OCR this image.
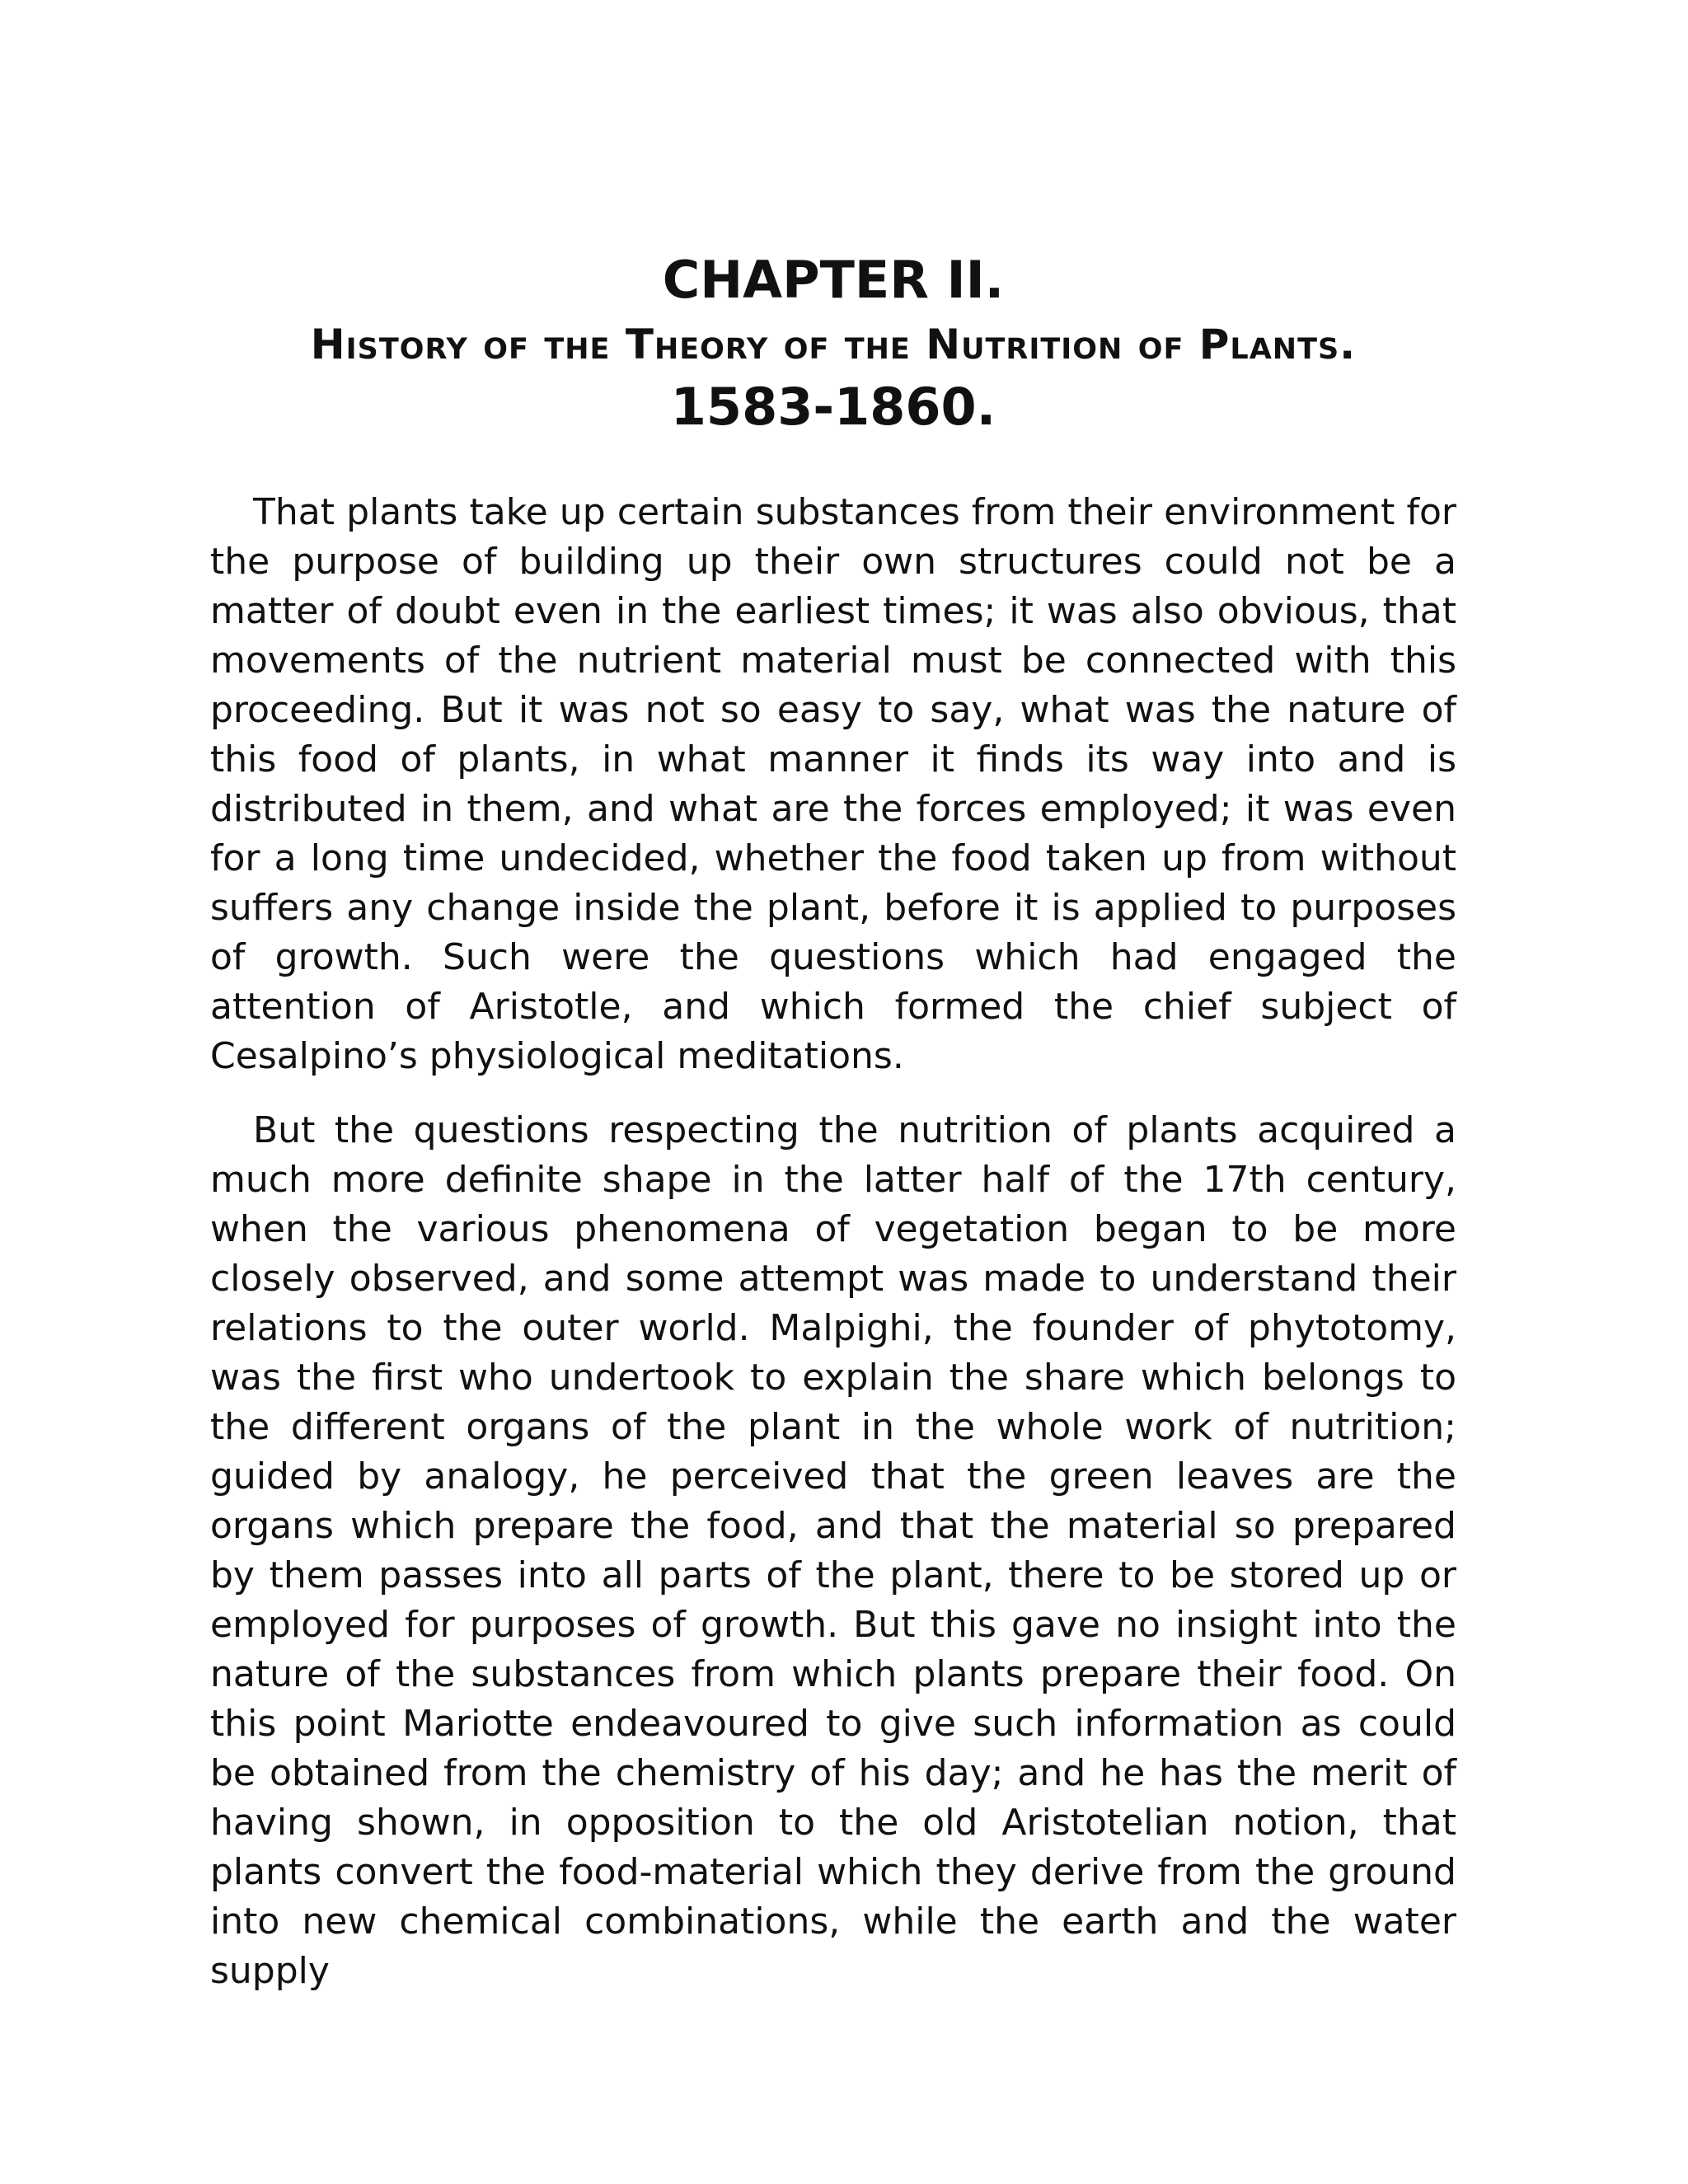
CHAPTER II.

History of the Theory of the Nutrition of Plants.

1583-1860.

That plants take up certain substances from their environment for the purpose of building up their own structures could not be a matter of doubt even in the earliest times; it was also obvious, that movements of the nutrient material must be connected with this proceeding. But it was not so easy to say, what was the nature of this food of plants, in what manner it finds its way into and is distributed in them, and what are the forces employed; it was even for a long time undecided, whether the food taken up from without suffers any change inside the plant, before it is applied to purposes of growth. Such were the questions which had engaged the attention of Aristotle, and which formed the chief subject of Cesalpino’s physiological meditations.

But the questions respecting the nutrition of plants acquired a much more definite shape in the latter half of the 17th century, when the various phenomena of vegetation began to be more closely observed, and some attempt was made to understand their relations to the outer world. Malpighi, the founder of phytotomy, was the first who undertook to explain the share which belongs to the different organs of the plant in the whole work of nutrition; guided by analogy, he perceived that the green leaves are the organs which prepare the food, and that the material so prepared by them passes into all parts of the plant, there to be stored up or employed for purposes of growth. But this gave no insight into the nature of the substances from which plants prepare their food. On this point Mariotte endeavoured to give such information as could be obtained from the chemistry of his day; and he has the merit of having shown, in opposition to the old Aristotelian notion, that plants convert the food-material which they derive from the ground into new chemical combinations, while the earth and the water supply
